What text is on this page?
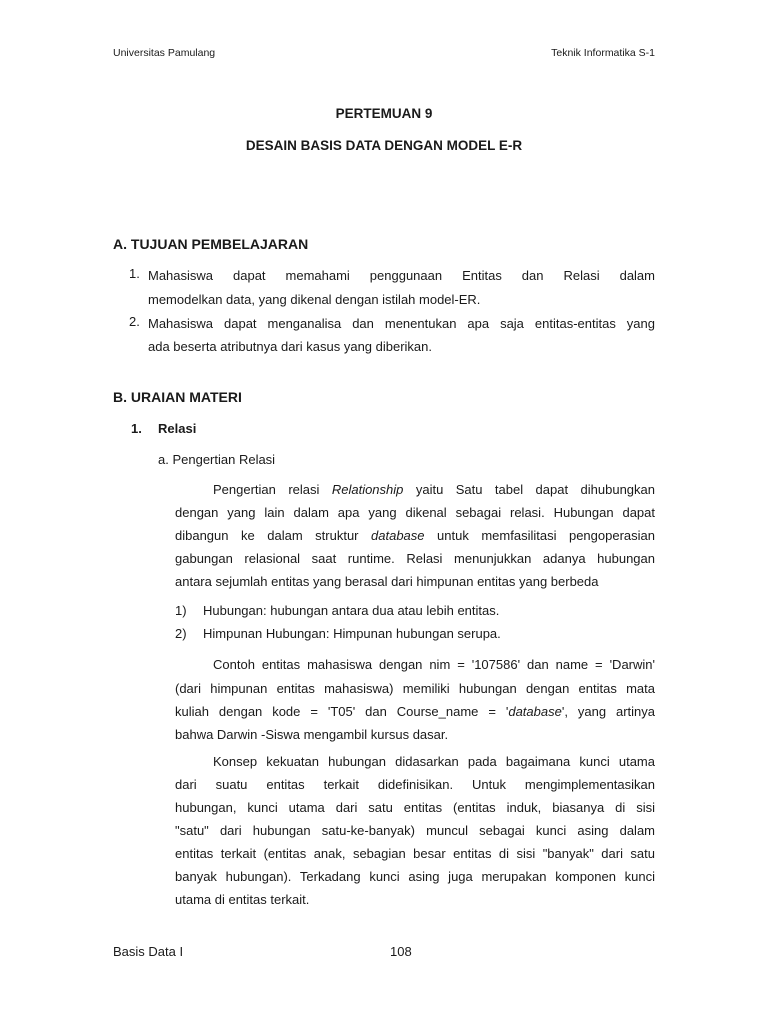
Universitas Pamulang	Teknik Informatika S-1
PERTEMUAN 9
DESAIN BASIS DATA DENGAN MODEL E-R
A. TUJUAN PEMBELAJARAN
1. Mahasiswa dapat memahami penggunaan Entitas dan Relasi dalam
memodelkan data, yang dikenal dengan istilah model-ER.
2. Mahasiswa dapat menganalisa dan menentukan apa saja entitas-entitas yang
ada beserta atributnya dari kasus yang diberikan.
B. URAIAN MATERI
1. Relasi
a. Pengertian Relasi
Pengertian relasi Relationship yaitu Satu tabel dapat dihubungkan
dengan yang lain dalam apa yang dikenal sebagai relasi. Hubungan dapat
dibangun ke dalam struktur database untuk memfasilitasi pengoperasian
gabungan relasional saat runtime. Relasi menunjukkan adanya hubungan
antara sejumlah entitas yang berasal dari himpunan entitas yang berbeda
1) Hubungan: hubungan antara dua atau lebih entitas.
2) Himpunan Hubungan: Himpunan hubungan serupa.
Contoh entitas mahasiswa dengan nim = '107586' dan name = 'Darwin'
(dari himpunan entitas mahasiswa) memiliki hubungan dengan entitas mata
kuliah dengan kode = 'T05' dan Course_name = 'database', yang artinya
bahwa Darwin -Siswa mengambil kursus dasar.
Konsep kekuatan hubungan didasarkan pada bagaimana kunci utama
dari suatu entitas terkait didefinisikan. Untuk mengimplementasikan
hubungan, kunci utama dari satu entitas (entitas induk, biasanya di sisi
"satu" dari hubungan satu-ke-banyak) muncul sebagai kunci asing dalam
entitas terkait (entitas anak, sebagian besar entitas di sisi "banyak" dari satu
banyak hubungan). Terkadang kunci asing juga merupakan komponen kunci
utama di entitas terkait.
Basis Data I	108
